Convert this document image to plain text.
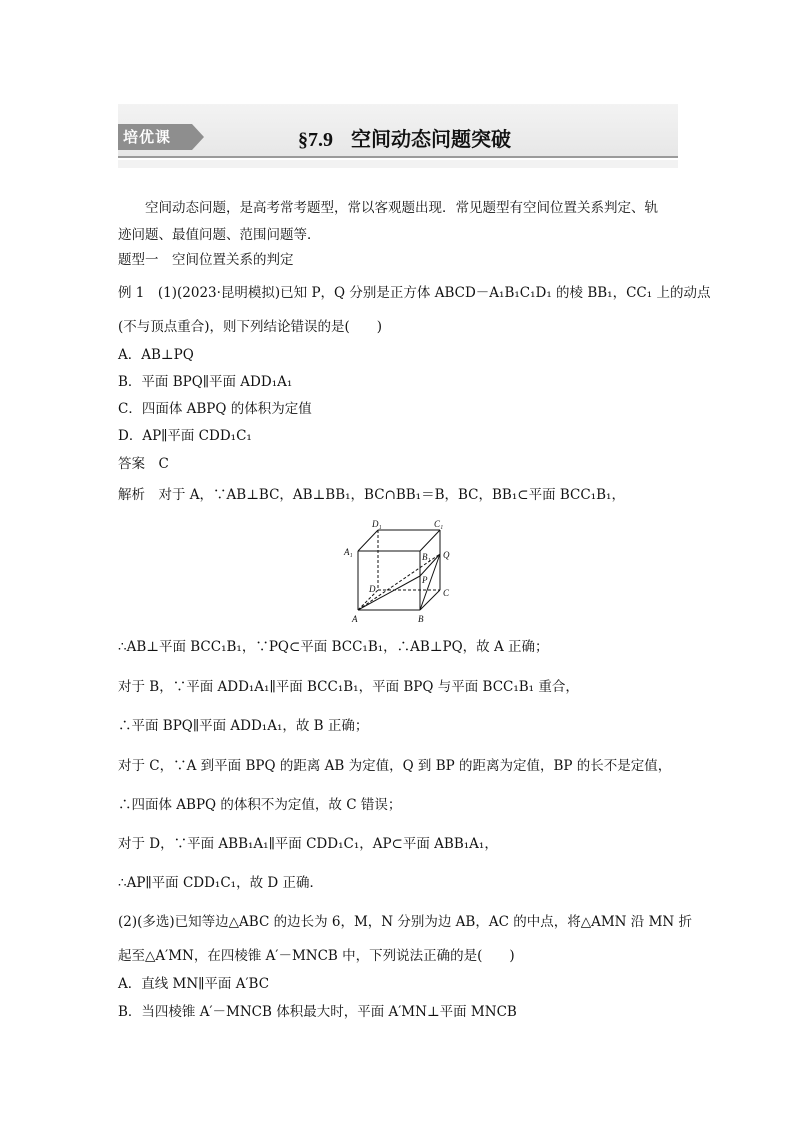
培优课	§7.9 空间动态问题突破
空间动态问题，是高考常考题型，常以客观题出现．常见题型有空间位置关系判定、轨
迹问题、最值问题、范围问题等．
题型一　空间位置关系的判定
例 1　(1)(2023·昆明模拟)已知 P，Q 分别是正方体 ABCD－A₁B₁C₁D₁ 的棱 BB₁，CC₁ 上的动点
(不与顶点重合)，则下列结论错误的是(　　)
A．AB⊥PQ
B．平面 BPQ∥平面 ADD₁A₁
C．四面体 ABPQ 的体积为定值
D．AP∥平面 CDD₁C₁
答案　C
解析　对于 A，∵AB⊥BC，AB⊥BB₁，BC∩BB₁＝B，BC，BB₁⊂平面 BCC₁B₁，
D₁	C₁
A₁	B₁ Q
P
D	C
A	B
∴AB⊥平面 BCC₁B₁，∵PQ⊂平面 BCC₁B₁，∴AB⊥PQ，故 A 正确；
对于 B，∵平面 ADD₁A₁∥平面 BCC₁B₁，平面 BPQ 与平面 BCC₁B₁ 重合，
∴平面 BPQ∥平面 ADD₁A₁，故 B 正确；
对于 C，∵A 到平面 BPQ 的距离 AB 为定值，Q 到 BP 的距离为定值，BP 的长不是定值，
∴四面体 ABPQ 的体积不为定值，故 C 错误；
对于 D，∵平面 ABB₁A₁∥平面 CDD₁C₁，AP⊂平面 ABB₁A₁，
∴AP∥平面 CDD₁C₁，故 D 正确．
(2)(多选)已知等边△ABC 的边长为 6，M，N 分别为边 AB，AC 的中点，将△AMN 沿 MN 折
起至△A′MN，在四棱锥 A′－MNCB 中，下列说法正确的是(　　)
A．直线 MN∥平面 A′BC
B．当四棱锥 A′－MNCB 体积最大时，平面 A′MN⊥平面 MNCB
